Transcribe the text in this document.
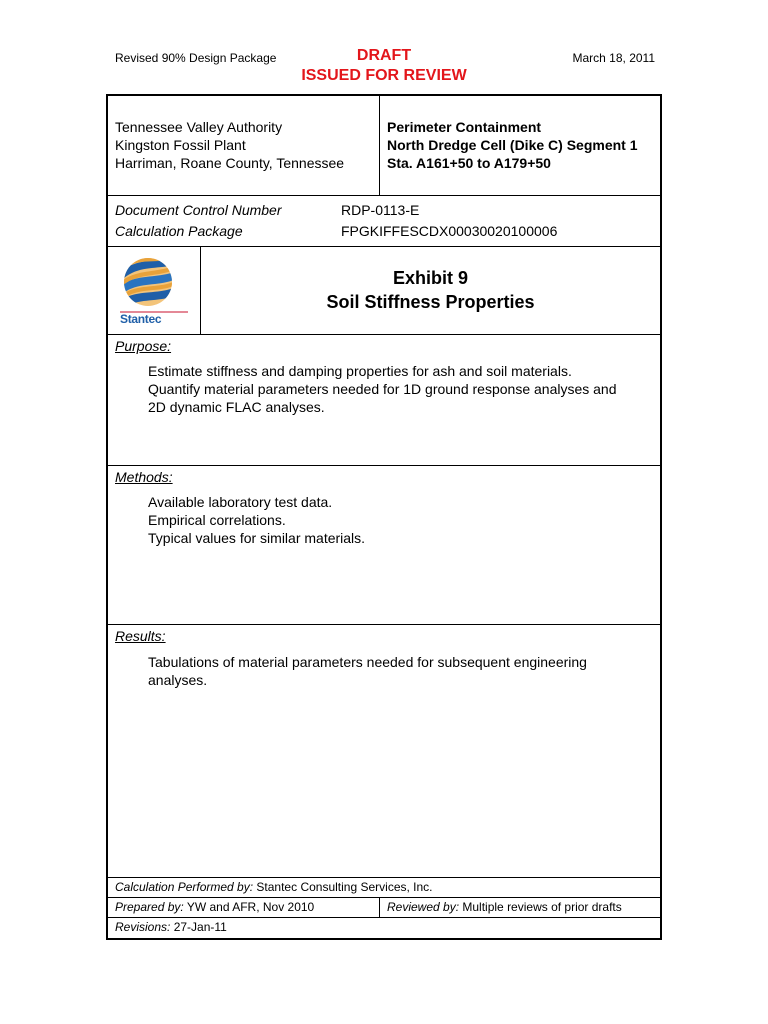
Revised 90% Design Package	DRAFT
ISSUED FOR REVIEW
March 18, 2011
Tennessee Valley Authority
Kingston Fossil Plant
Harriman, Roane County, Tennessee
Perimeter Containment
North Dredge Cell (Dike C) Segment 1
Sta. A161+50 to A179+50
Document Control Number	RDP-0113-E
Calculation Package	FPGKIFFESCDX00030020100006
Stantec
Exhibit 9
Soil Stiffness Properties
Purpose:
Estimate stiffness and damping properties for ash and soil materials.
Quantify material parameters needed for 1D ground response analyses and
2D dynamic FLAC analyses.
Methods:
Available laboratory test data.
Empirical correlations.
Typical values for similar materials.
Results:
Tabulations of material parameters needed for subsequent engineering
analyses.
Calculation Performed by: Stantec Consulting Services, Inc.
Prepared by: YW and AFR, Nov 2010	Reviewed by: Multiple reviews of prior drafts
Revisions: 27-Jan-11
